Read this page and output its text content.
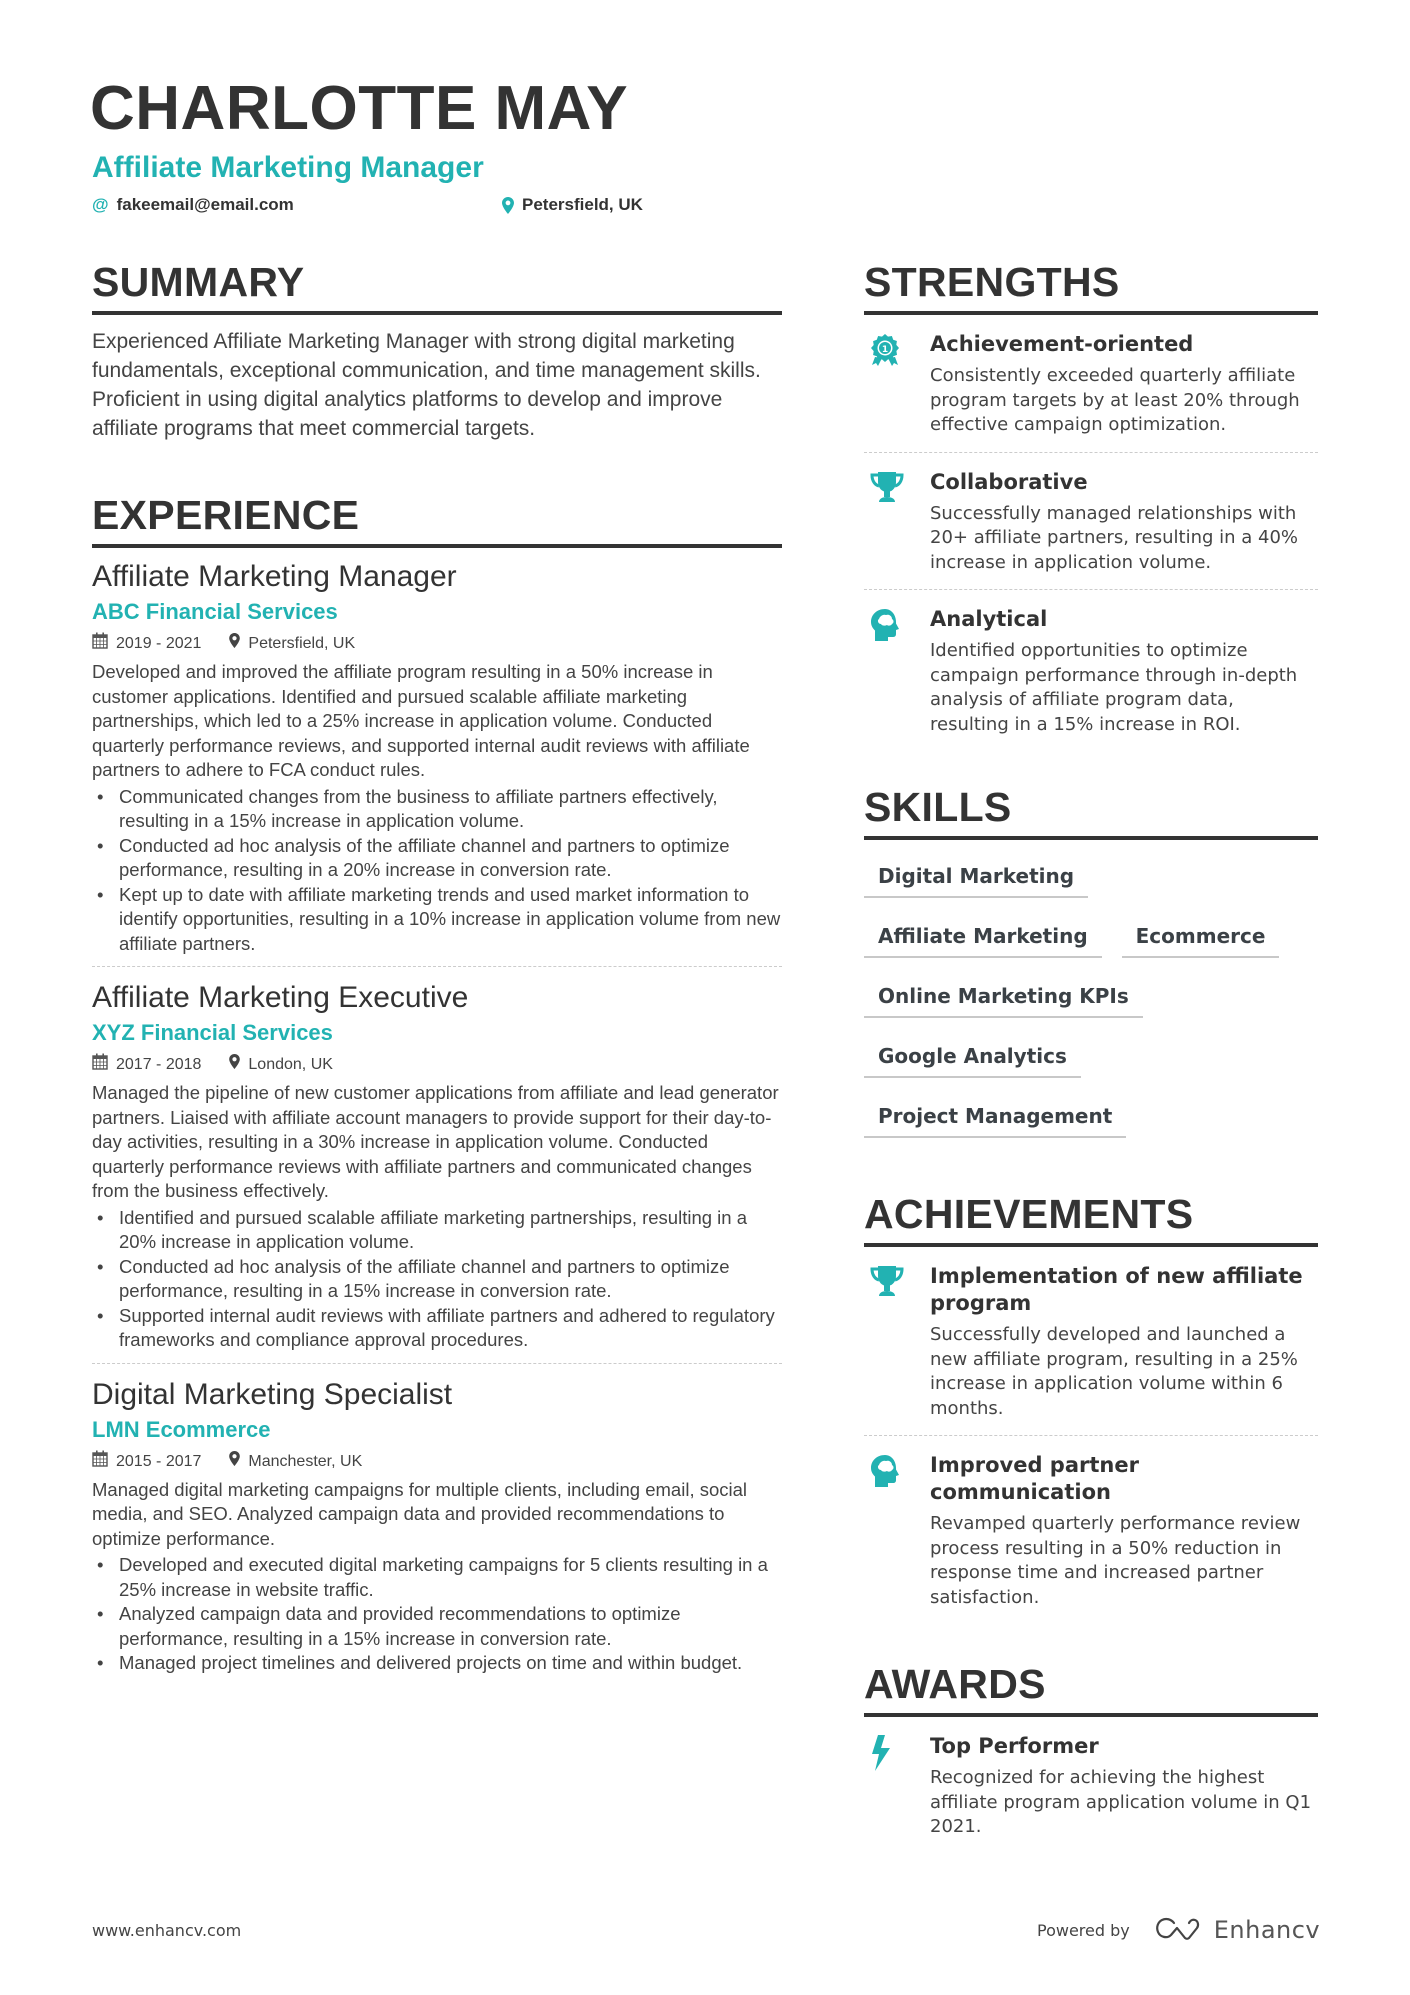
CHARLOTTE MAY
Affiliate Marketing Manager
@ fakeemail@email.com	Petersfield, UK
SUMMARY

Experienced Affiliate Marketing Manager with strong digital marketing fundamentals, exceptional communication, and time management skills. Proficient in using digital analytics platforms to develop and improve affiliate programs that meet commercial targets.

EXPERIENCE
Affiliate Marketing Manager
ABC Financial Services
2019 - 2021	Petersfield, UK

Developed and improved the affiliate program resulting in a 50% increase in customer applications. Identified and pursued scalable affiliate marketing partnerships, which led to a 25% increase in application volume. Conducted quarterly performance reviews, and supported internal audit reviews with affiliate partners to adhere to FCA conduct rules.

• Communicated changes from the business to affiliate partners effectively, resulting in a 15% increase in application volume.
• Conducted ad hoc analysis of the affiliate channel and partners to optimize performance, resulting in a 20% increase in conversion rate.
• Kept up to date with affiliate marketing trends and used market information to identify opportunities, resulting in a 10% increase in application volume from new affiliate partners.
Affiliate Marketing Executive
XYZ Financial Services
2017 - 2018	London, UK

Managed the pipeline of new customer applications from affiliate and lead generator partners. Liaised with affiliate account managers to provide support for their day-to-day activities, resulting in a 30% increase in application volume. Conducted quarterly performance reviews with affiliate partners and communicated changes from the business effectively.

• Identified and pursued scalable affiliate marketing partnerships, resulting in a 20% increase in application volume.
• Conducted ad hoc analysis of the affiliate channel and partners to optimize performance, resulting in a 15% increase in conversion rate.
• Supported internal audit reviews with affiliate partners and adhered to regulatory frameworks and compliance approval procedures.
Digital Marketing Specialist
LMN Ecommerce
2015 - 2017	Manchester, UK

Managed digital marketing campaigns for multiple clients, including email, social media, and SEO. Analyzed campaign data and provided recommendations to optimize performance.

• Developed and executed digital marketing campaigns for 5 clients resulting in a 25% increase in website traffic.
• Analyzed campaign data and provided recommendations to optimize performance, resulting in a 15% increase in conversion rate.
• Managed project timelines and delivered projects on time and within budget.
STRENGTHS
1 Achievement-oriented

Consistently exceeded quarterly affiliate program targets by at least 20% through effective campaign optimization.

Collaborative

Successfully managed relationships with 20+ affiliate partners, resulting in a 40% increase in application volume.

Analytical

Identified opportunities to optimize campaign performance through in-depth analysis of affiliate program data, resulting in a 15% increase in ROI.

SKILLS
Digital Marketing
Affiliate Marketing	Ecommerce
Online Marketing KPIs
Google Analytics
Project Management
ACHIEVEMENTS
Implementation of new affiliate program

Successfully developed and launched a new affiliate program, resulting in a 25% increase in application volume within 6 months.

Improved partner communication

Revamped quarterly performance review process resulting in a 50% reduction in response time and increased partner satisfaction.

AWARDS
Top Performer

Recognized for achieving the highest affiliate program application volume in Q1 2021.

www.enhancv.com	Powered by	Enhancv
